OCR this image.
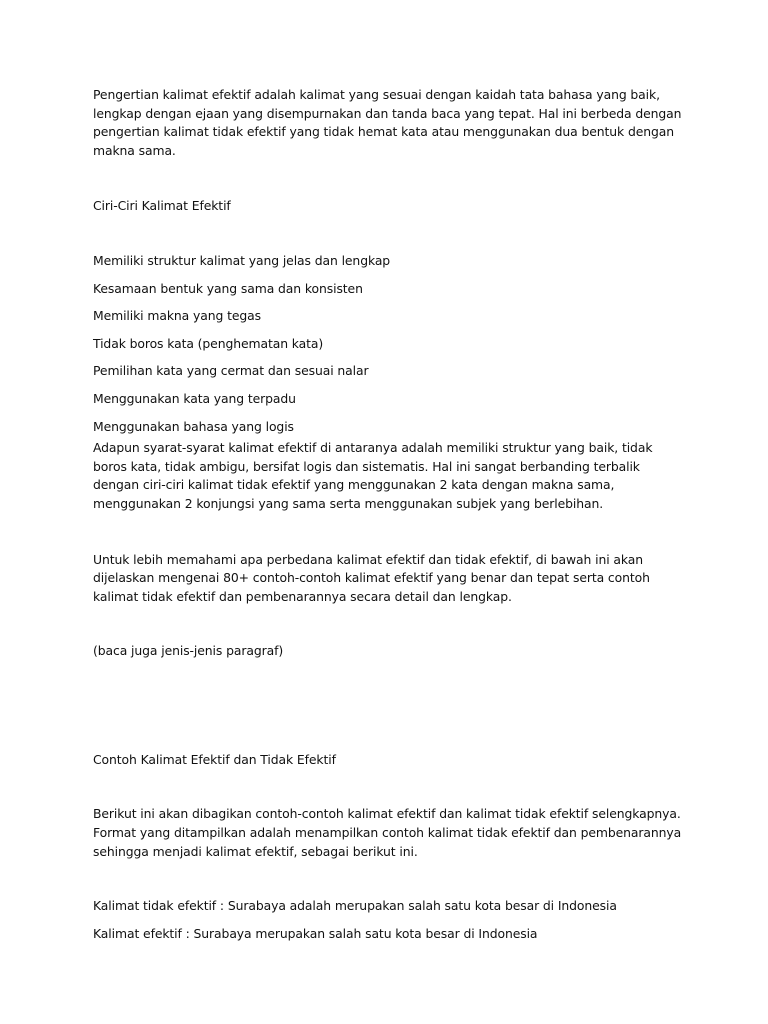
Pengertian kalimat efektif adalah kalimat yang sesuai dengan kaidah tata bahasa yang baik, lengkap dengan ejaan yang disempurnakan dan tanda baca yang tepat. Hal ini berbeda dengan pengertian kalimat tidak efektif yang tidak hemat kata atau menggunakan dua bentuk dengan makna sama.

Ciri-Ciri Kalimat Efektif

Memiliki struktur kalimat yang jelas dan lengkap

Kesamaan bentuk yang sama dan konsisten

Memiliki makna yang tegas

Tidak boros kata (penghematan kata)

Pemilihan kata yang cermat dan sesuai nalar

Menggunakan kata yang terpadu

Menggunakan bahasa yang logis

Adapun syarat-syarat kalimat efektif di antaranya adalah memiliki struktur yang baik, tidak boros kata, tidak ambigu, bersifat logis dan sistematis. Hal ini sangat berbanding terbalik dengan ciri-ciri kalimat tidak efektif yang menggunakan 2 kata dengan makna sama, menggunakan 2 konjungsi yang sama serta menggunakan subjek yang berlebihan.

Untuk lebih memahami apa perbedana kalimat efektif dan tidak efektif, di bawah ini akan dijelaskan mengenai 80+ contoh-contoh kalimat efektif yang benar dan tepat serta contoh kalimat tidak efektif dan pembenarannya secara detail dan lengkap.

(baca juga jenis-jenis paragraf)

Contoh Kalimat Efektif dan Tidak Efektif

Berikut ini akan dibagikan contoh-contoh kalimat efektif dan kalimat tidak efektif selengkapnya. Format yang ditampilkan adalah menampilkan contoh kalimat tidak efektif dan pembenarannya sehingga menjadi kalimat efektif, sebagai berikut ini.

Kalimat tidak efektif : Surabaya adalah merupakan salah satu kota besar di Indonesia

Kalimat efektif : Surabaya merupakan salah satu kota besar di Indonesia
